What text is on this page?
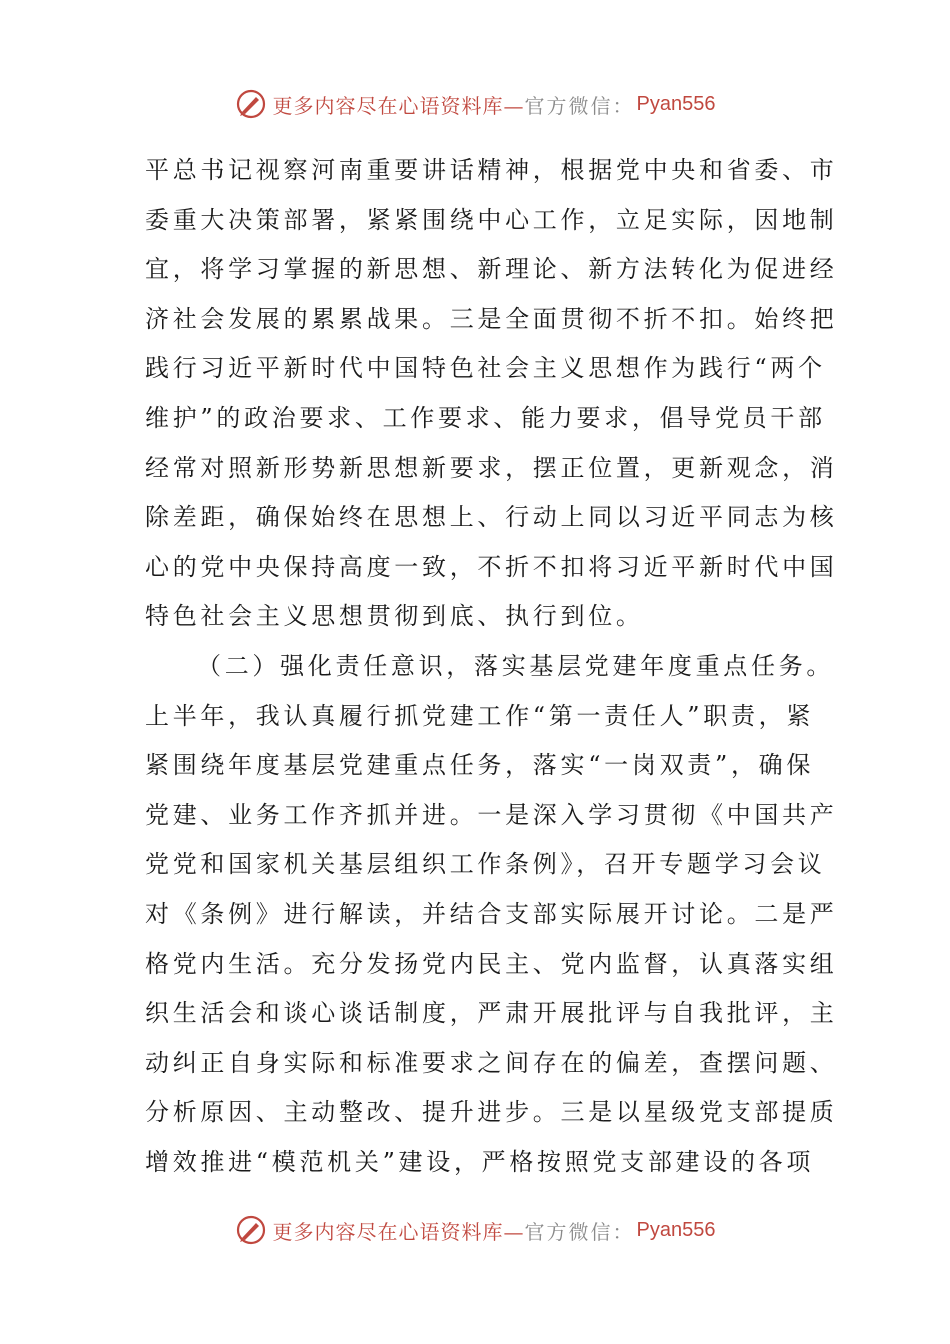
更多内容尽在心语资料库— 官方微信： Pyan556
平总书记视察河南重要讲话精神，根据党中央和省委、市
委重大决策部署，紧紧围绕中心工作，立足实际，因地制
宜，将学习掌握的新思想、新理论、新方法转化为促进经
济社会发展的累累战果。三是全面贯彻不折不扣。始终把
践行习近平新时代中国特色社会主义思想作为践行“两个
维护”的政治要求、工作要求、能力要求，倡导党员干部
经常对照新形势新思想新要求，摆正位置，更新观念，消
除差距，确保始终在思想上、行动上同以习近平同志为核
心的党中央保持高度一致，不折不扣将习近平新时代中国
特色社会主义思想贯彻到底、执行到位。
（二）强化责任意识，落实基层党建年度重点任务。
上半年，我认真履行抓党建工作“第一责任人”职责，紧
紧围绕年度基层党建重点任务，落实“一岗双责”，确保
党建、业务工作齐抓并进。一是深入学习贯彻《中国共产
党党和国家机关基层组织工作条例》，召开专题学习会议
对《条例》进行解读，并结合支部实际展开讨论。二是严
格党内生活。充分发扬党内民主、党内监督，认真落实组
织生活会和谈心谈话制度，严肃开展批评与自我批评，主
动纠正自身实际和标准要求之间存在的偏差，查摆问题、
分析原因、主动整改、提升进步。三是以星级党支部提质
增效推进“模范机关”建设，严格按照党支部建设的各项
更多内容尽在心语资料库— 官方微信： Pyan556
